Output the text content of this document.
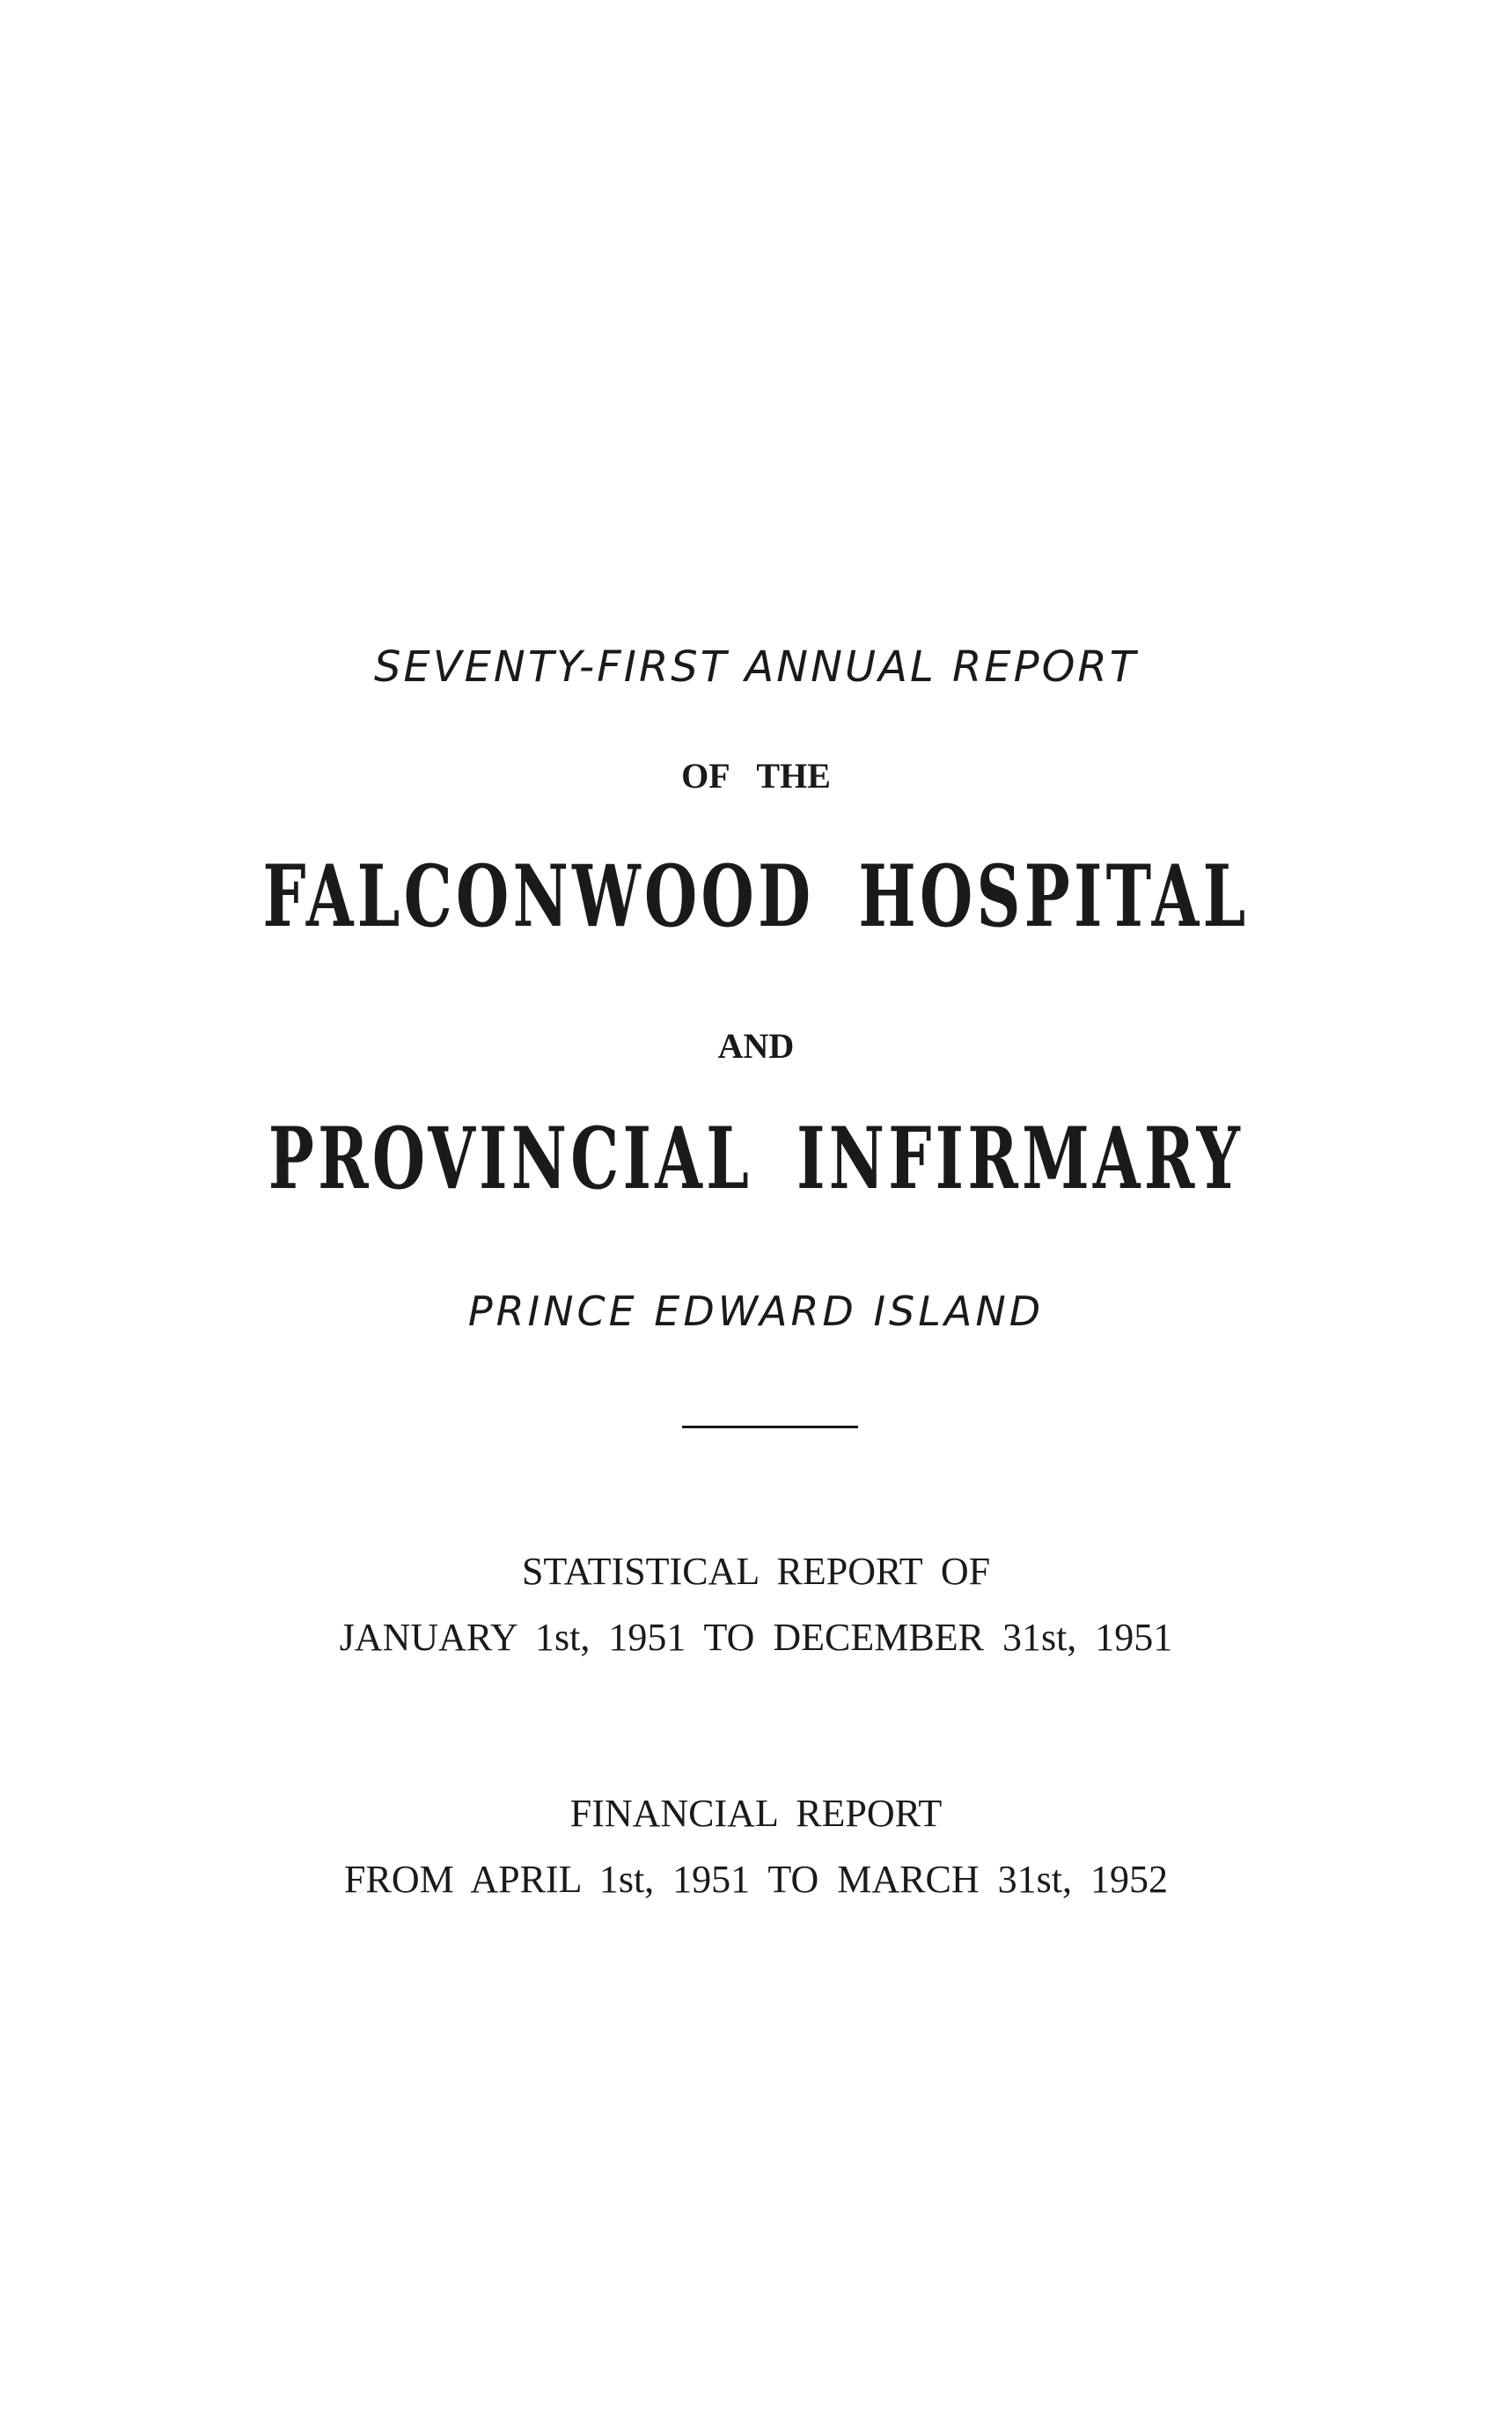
SEVENTY-FIRST ANNUAL REPORT
OF THE
FALCONWOOD HOSPITAL
AND
PROVINCIAL INFIRMARY
PRINCE EDWARD ISLAND
STATISTICAL REPORT OF
JANUARY 1st, 1951 TO DECEMBER 31st, 1951
FINANCIAL REPORT
FROM APRIL 1st, 1951 TO MARCH 31st, 1952
